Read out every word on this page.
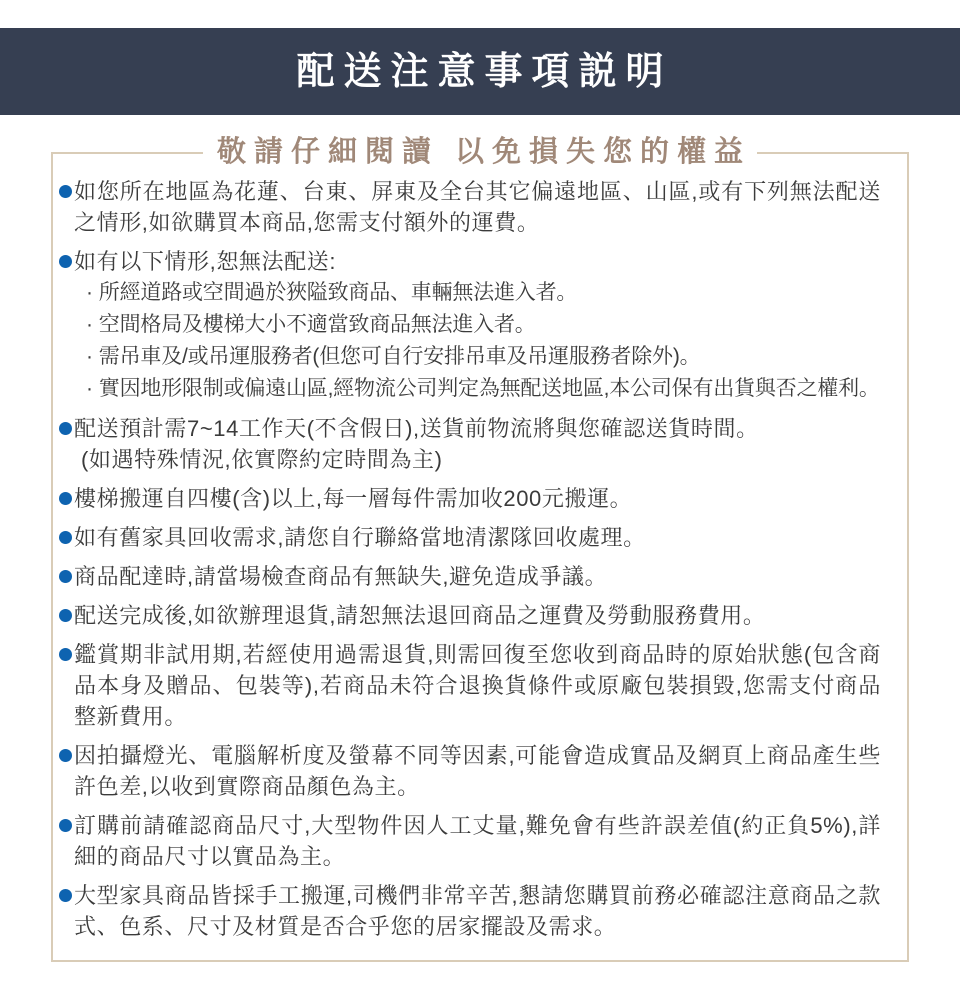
配送注意事項説明
敬請仔細閱讀 以免損失您的權益

如您所在地區為花蓮、台東、屏東及全台其它偏遠地區、山區,或有下列無法配送之情形,如欲購買本商品,您需支付額外的運費。

如有以下情形,恕無法配送:

· 所經道路或空間過於狹隘致商品、車輛無法進入者。

· 空間格局及樓梯大小不適當致商品無法進入者。

· 需吊車及/或吊運服務者(但您可自行安排吊車及吊運服務者除外)。

· 實因地形限制或偏遠山區,經物流公司判定為無配送地區,本公司保有出貨與否之權利。

配送預計需7~14工作天(不含假日),送貨前物流將與您確認送貨時間。

(如遇特殊情況,依實際約定時間為主)

樓梯搬運自四樓(含)以上,每一層每件需加收200元搬運。

如有舊家具回收需求,請您自行聯絡當地清潔隊回收處理。

商品配達時,請當場檢查商品有無缺失,避免造成爭議。

配送完成後,如欲辦理退貨,請恕無法退回商品之運費及勞動服務費用。

鑑賞期非試用期,若經使用過需退貨,則需回復至您收到商品時的原始狀態(包含商品本身及贈品、包裝等),若商品未符合退換貨條件或原廠包裝損毀,您需支付商品整新費用。

因拍攝燈光、電腦解析度及螢幕不同等因素,可能會造成實品及網頁上商品產生些許色差,以收到實際商品顏色為主。

訂購前請確認商品尺寸,大型物件因人工丈量,難免會有些許誤差值(約正負5%),詳細的商品尺寸以實品為主。

大型家具商品皆採手工搬運,司機們非常辛苦,懇請您購買前務必確認注意商品之款式、色系、尺寸及材質是否合乎您的居家擺設及需求。
